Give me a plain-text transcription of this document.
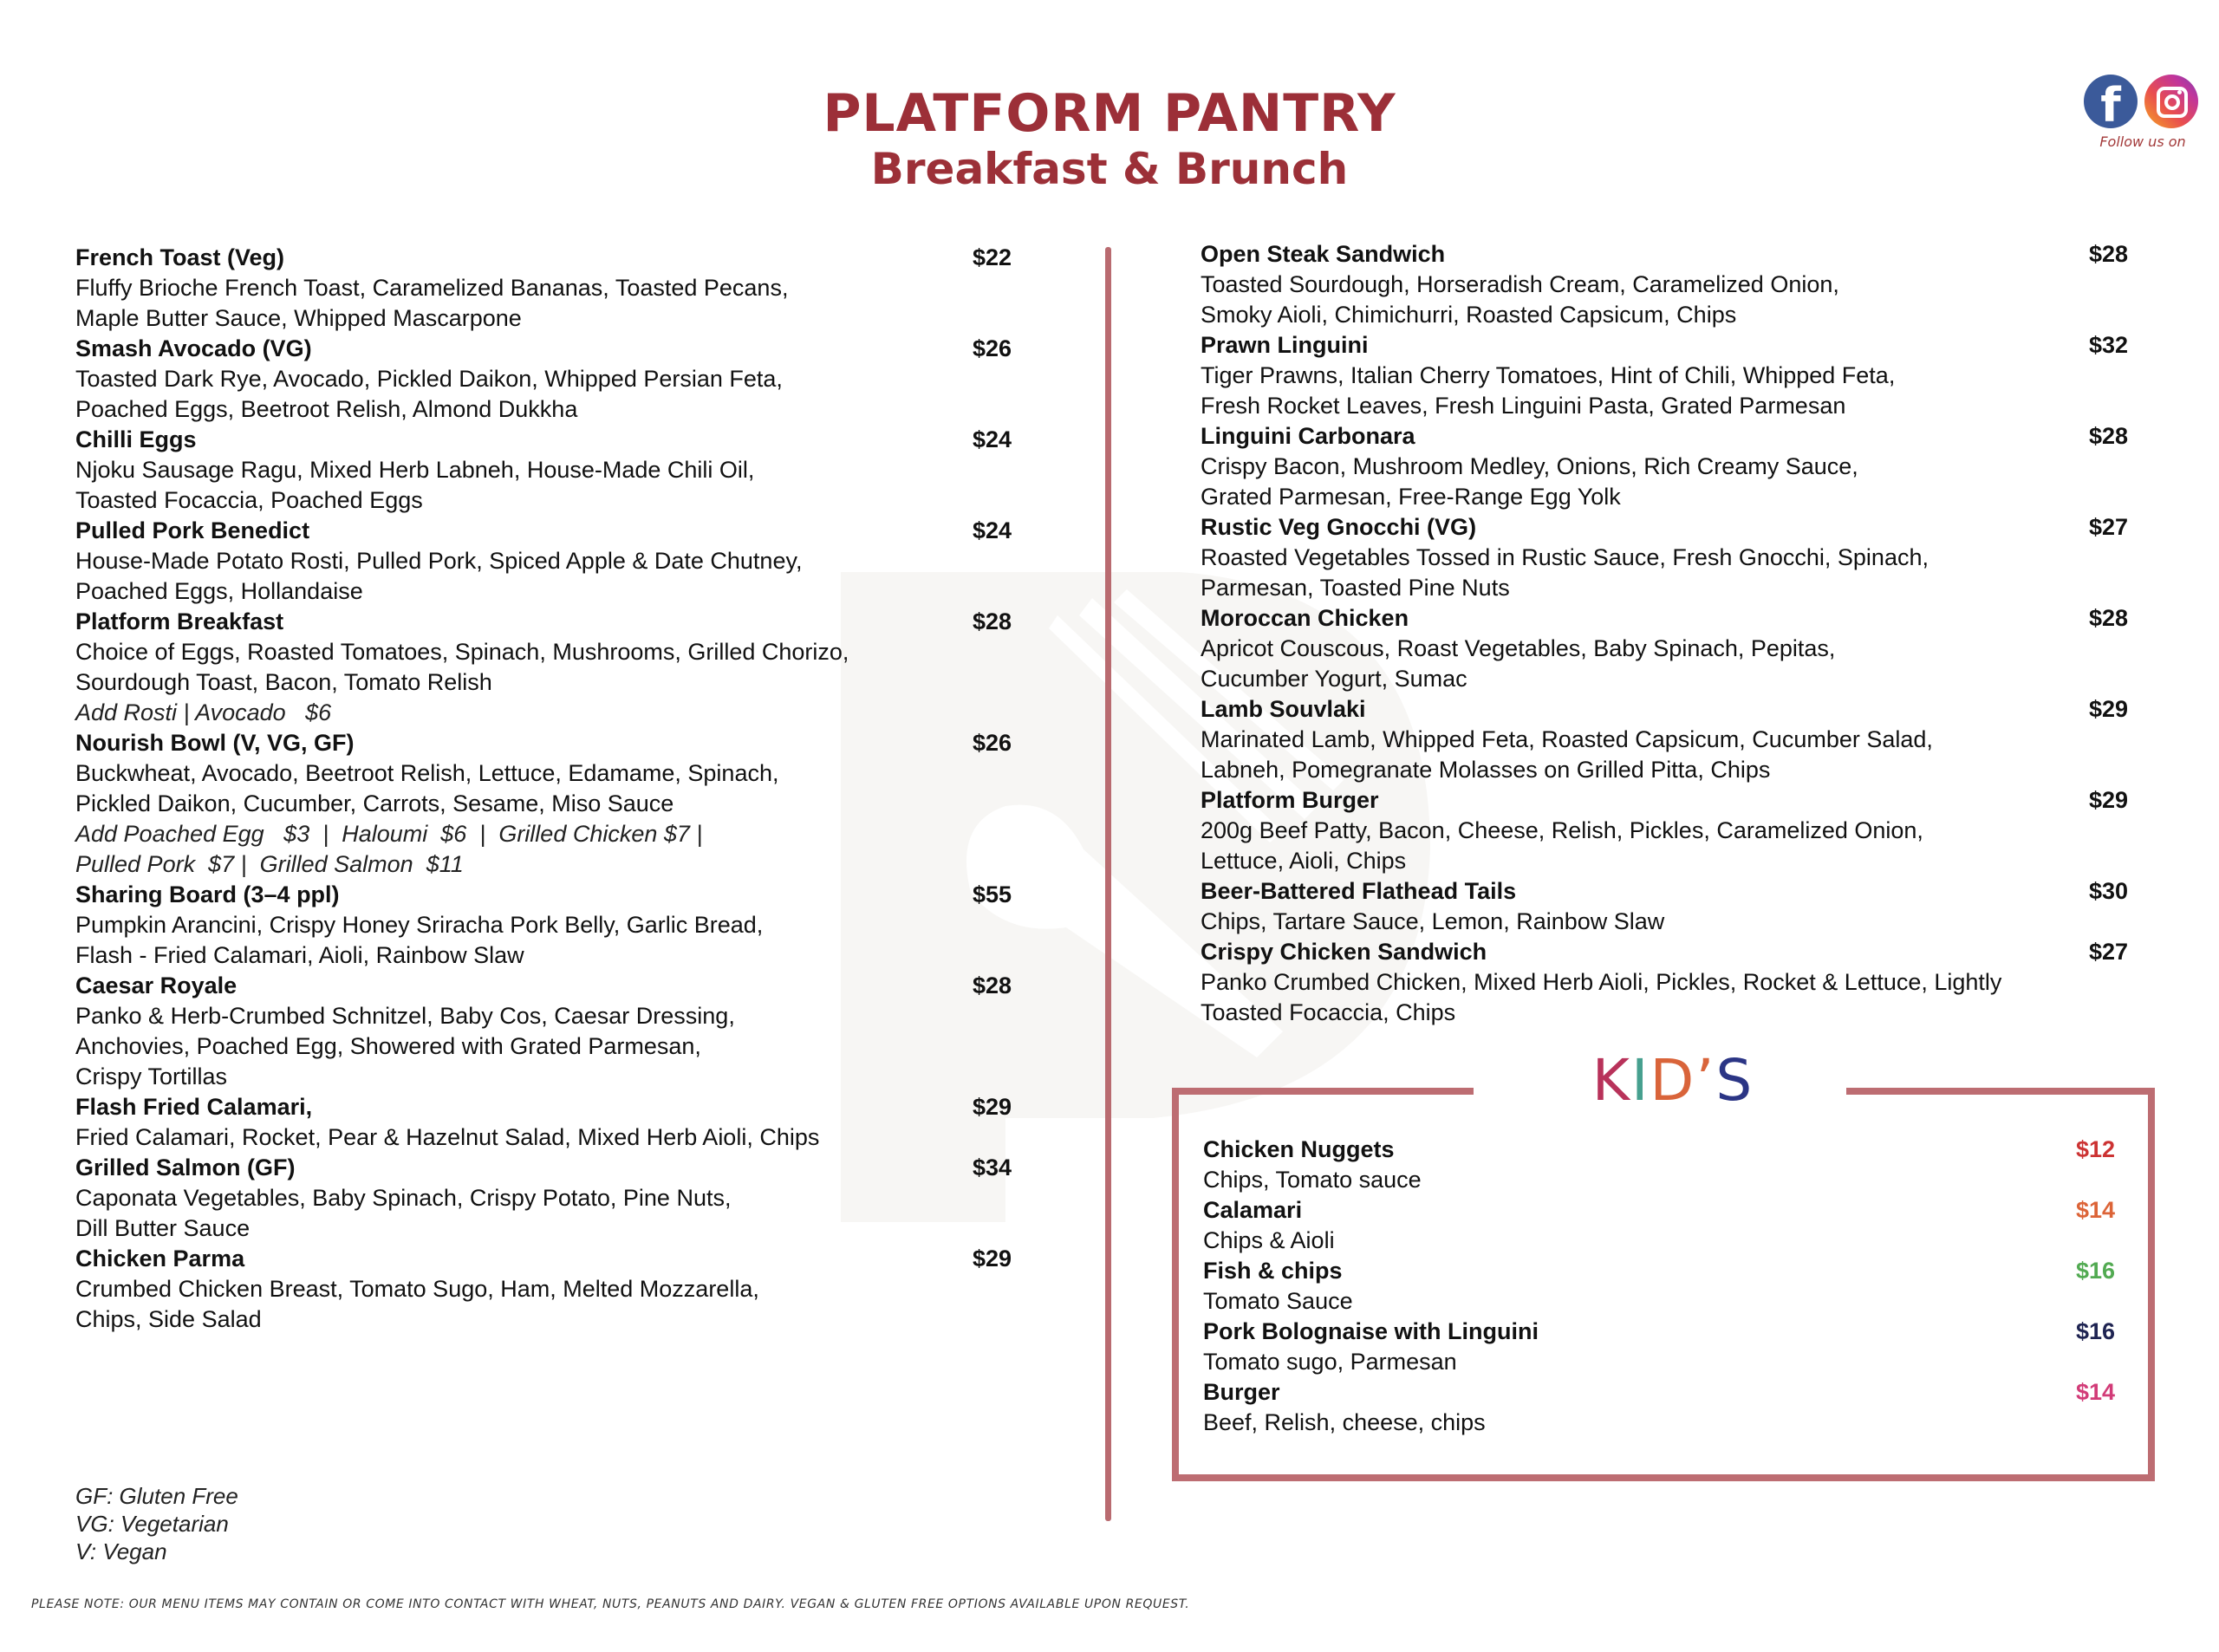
PLATFORM PANTRY
Breakfast & Brunch
f
Follow us on
French Toast (Veg)	$22
Fluffy Brioche French Toast, Caramelized Bananas, Toasted Pecans,
Maple Butter Sauce, Whipped Mascarpone
Smash Avocado (VG)	$26
Toasted Dark Rye, Avocado, Pickled Daikon, Whipped Persian Feta,
Poached Eggs, Beetroot Relish, Almond Dukkha
Chilli Eggs	$24
Njoku Sausage Ragu, Mixed Herb Labneh, House-Made Chili Oil,
Toasted Focaccia, Poached Eggs
Pulled Pork Benedict	$24
House-Made Potato Rosti, Pulled Pork, Spiced Apple & Date Chutney,
Poached Eggs, Hollandaise
Platform Breakfast	$28
Choice of Eggs, Roasted Tomatoes, Spinach, Mushrooms, Grilled Chorizo,
Sourdough Toast, Bacon, Tomato Relish
Add Rosti | Avocado   $6
Nourish Bowl (V, VG, GF)	$26
Buckwheat, Avocado, Beetroot Relish, Lettuce, Edamame, Spinach,
Pickled Daikon, Cucumber, Carrots, Sesame, Miso Sauce
Add Poached Egg   $3  |  Haloumi  $6  |  Grilled Chicken $7 |
Pulled Pork  $7 |  Grilled Salmon  $11
Sharing Board (3–4 ppl)	$55
Pumpkin Arancini, Crispy Honey Sriracha Pork Belly, Garlic Bread,
Flash - Fried Calamari, Aioli, Rainbow Slaw
Caesar Royale	$28
Panko & Herb-Crumbed Schnitzel, Baby Cos, Caesar Dressing,
Anchovies, Poached Egg, Showered with Grated Parmesan,
Crispy Tortillas
Flash Fried Calamari,	$29
Fried Calamari, Rocket, Pear & Hazelnut Salad, Mixed Herb Aioli, Chips
Grilled Salmon (GF)	$34
Caponata Vegetables, Baby Spinach, Crispy Potato, Pine Nuts,
Dill Butter Sauce
Chicken Parma	$29
Crumbed Chicken Breast, Tomato Sugo, Ham, Melted Mozzarella,
Chips, Side Salad
Open Steak Sandwich	$28
Toasted Sourdough, Horseradish Cream, Caramelized Onion,
Smoky Aioli, Chimichurri, Roasted Capsicum, Chips
Prawn Linguini	$32
Tiger Prawns, Italian Cherry Tomatoes, Hint of Chili, Whipped Feta,
Fresh Rocket Leaves, Fresh Linguini Pasta, Grated Parmesan
Linguini Carbonara	$28
Crispy Bacon, Mushroom Medley, Onions, Rich Creamy Sauce,
Grated Parmesan, Free-Range Egg Yolk
Rustic Veg Gnocchi (VG)	$27
Roasted Vegetables Tossed in Rustic Sauce, Fresh Gnocchi, Spinach,
Parmesan, Toasted Pine Nuts
Moroccan Chicken	$28
Apricot Couscous, Roast Vegetables, Baby Spinach, Pepitas,
Cucumber Yogurt, Sumac
Lamb Souvlaki	$29
Marinated Lamb, Whipped Feta, Roasted Capsicum, Cucumber Salad,
Labneh, Pomegranate Molasses on Grilled Pitta, Chips
Platform Burger	$29
200g Beef Patty, Bacon, Cheese, Relish, Pickles, Caramelized Onion,
Lettuce, Aioli, Chips
Beer-Battered Flathead Tails	$30
Chips, Tartare Sauce, Lemon, Rainbow Slaw
Crispy Chicken Sandwich	$27
Panko Crumbed Chicken, Mixed Herb Aioli, Pickles, Rocket & Lettuce, Lightly
Toasted Focaccia, Chips
KID’S
Chicken Nuggets	$12
Chips, Tomato sauce
Calamari	$14
Chips & Aioli
Fish & chips	$16
Tomato Sauce
Pork Bolognaise with Linguini	$16
Tomato sugo, Parmesan
Burger	$14
Beef, Relish, cheese, chips
GF: Gluten Free
VG: Vegetarian
V: Vegan
PLEASE NOTE: OUR MENU ITEMS MAY CONTAIN OR COME INTO CONTACT WITH WHEAT, NUTS, PEANUTS AND DAIRY. VEGAN & GLUTEN FREE OPTIONS AVAILABLE UPON REQUEST.
